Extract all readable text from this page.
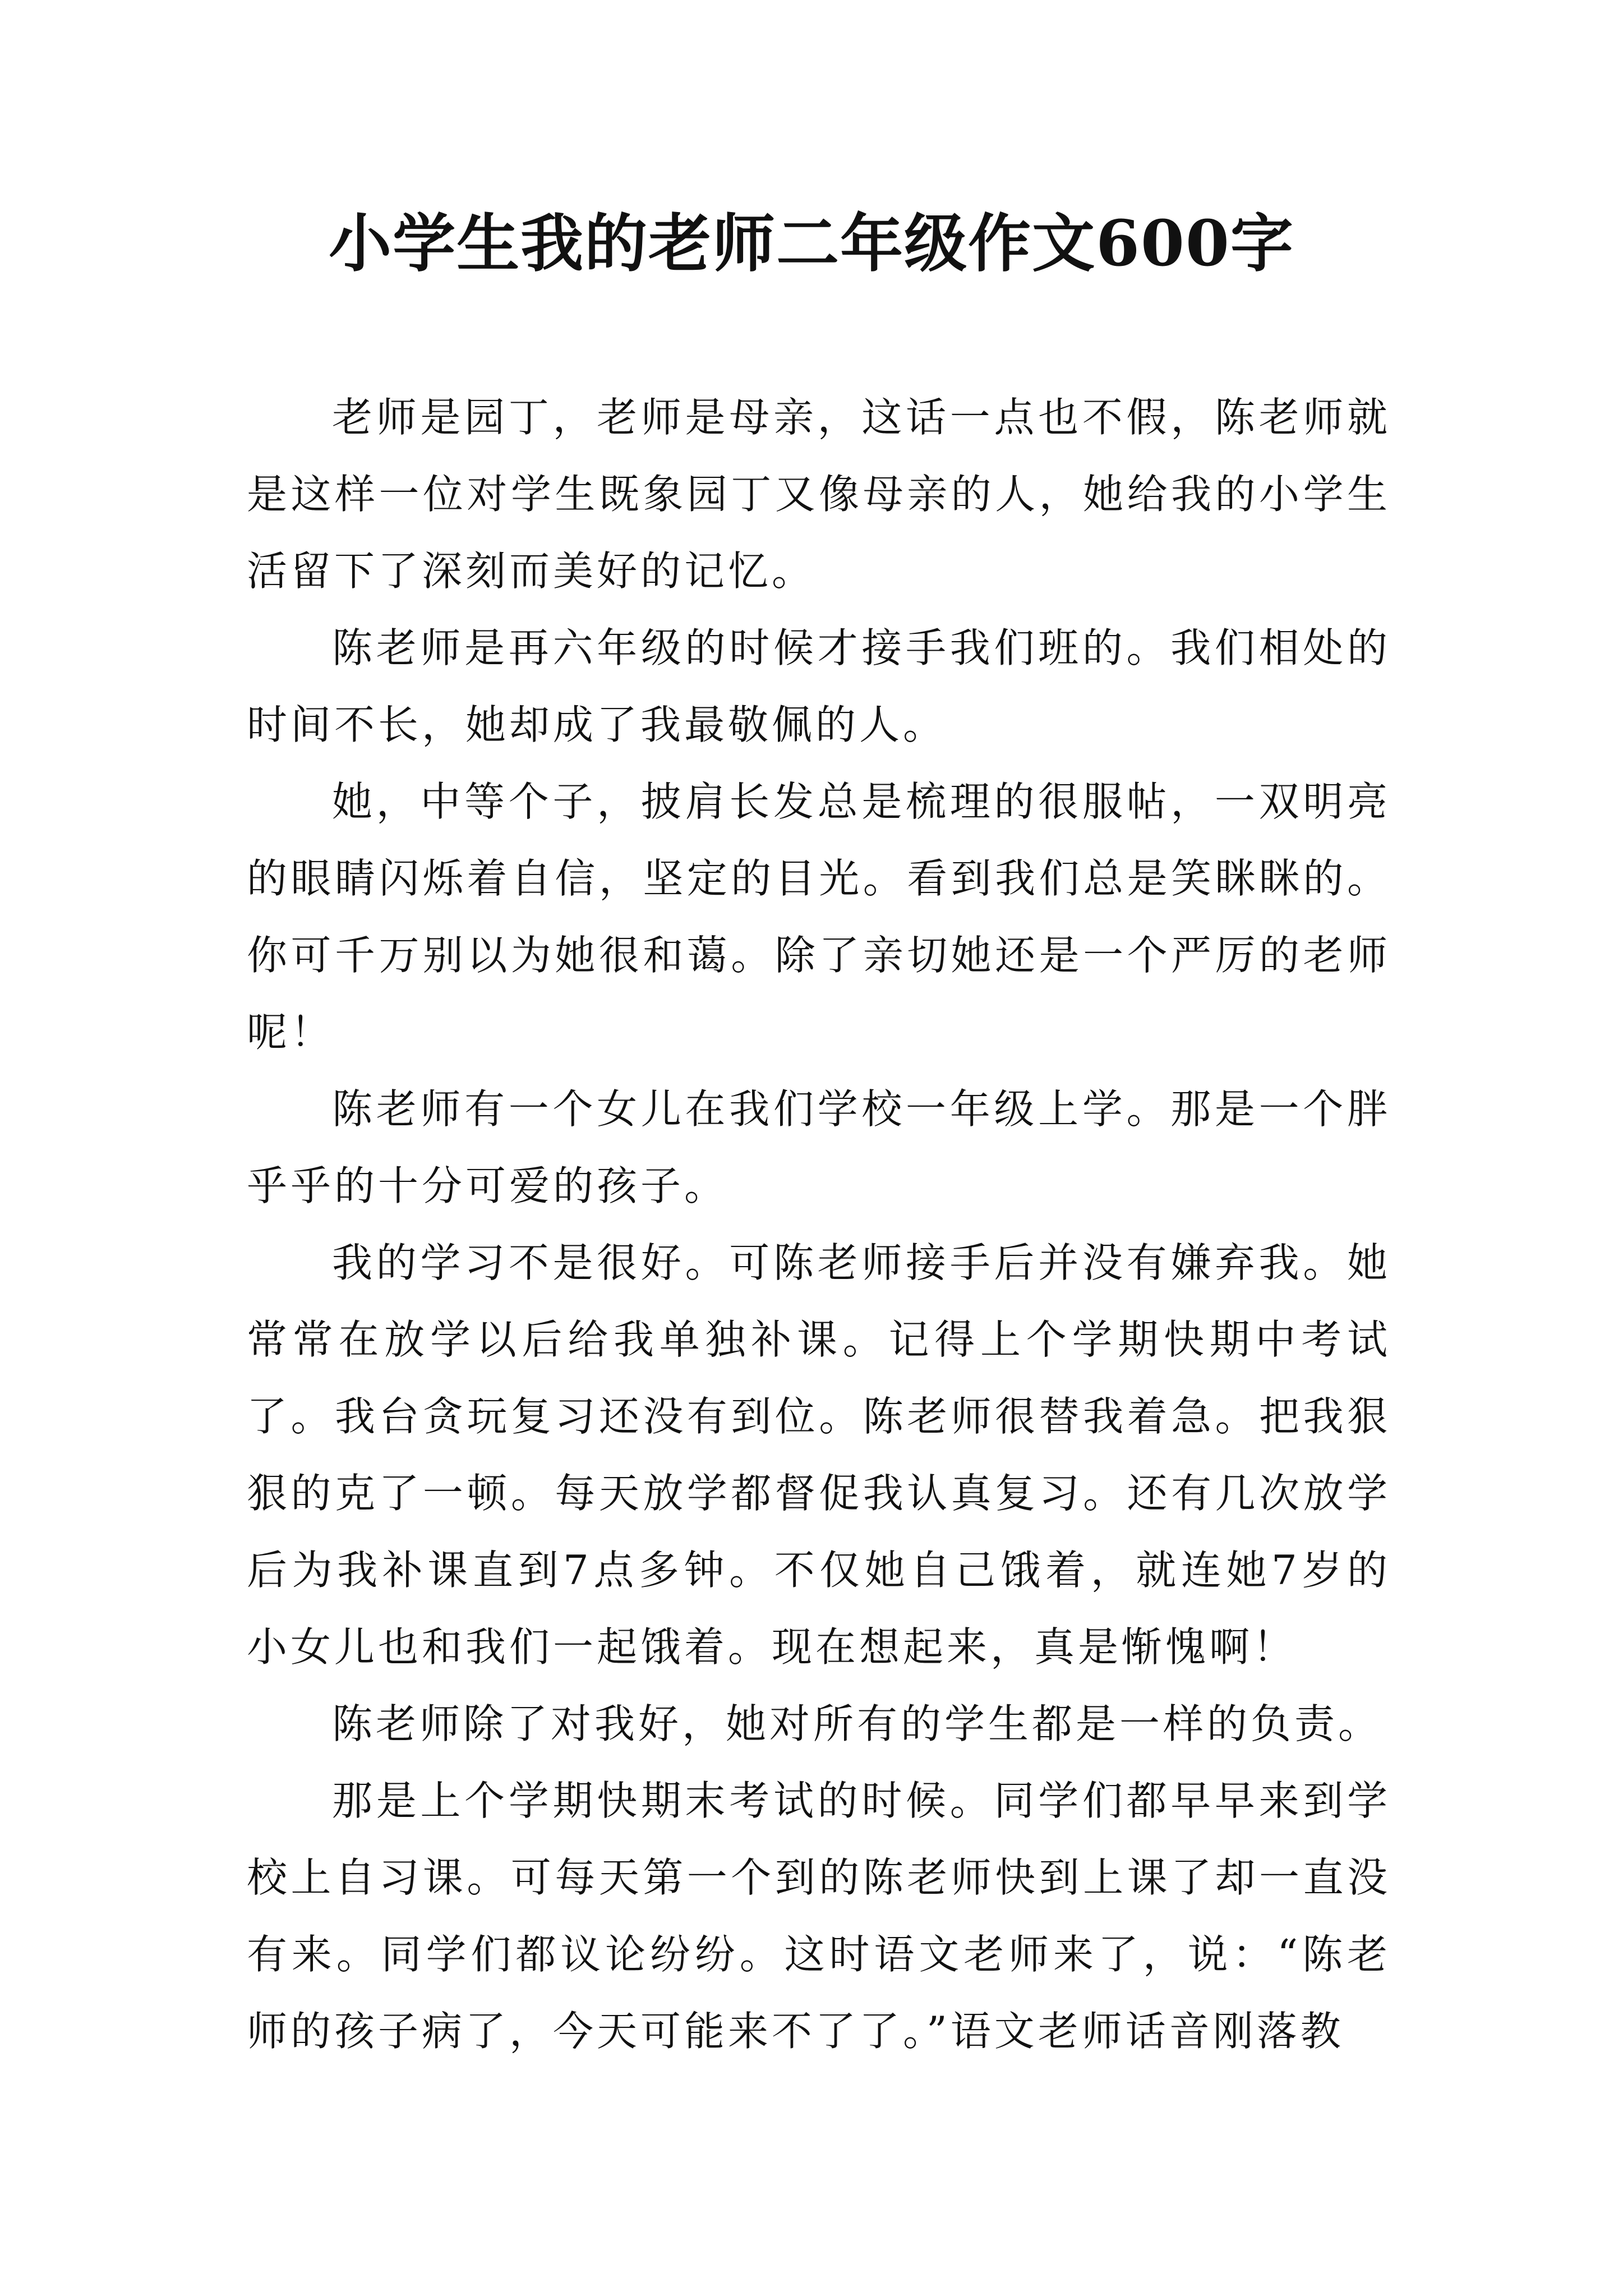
小学生我的老师二年级作文600字

老师是园丁，老师是母亲，这话一点也不假，陈老师就是这样一位对学生既象园丁又像母亲的人，她给我的小学生活留下了深刻而美好的记忆。

陈老师是再六年级的时候才接手我们班的。我们相处的时间不长，她却成了我最敬佩的人。

她，中等个子，披肩长发总是梳理的很服帖，一双明亮的眼睛闪烁着自信，坚定的目光。看到我们总是笑眯眯的。你可千万别以为她很和蔼。除了亲切她还是一个严厉的老师呢！

陈老师有一个女儿在我们学校一年级上学。那是一个胖乎乎的十分可爱的孩子。

我的学习不是很好。可陈老师接手后并没有嫌弃我。她常常在放学以后给我单独补课。记得上个学期快期中考试了。我台贪玩复习还没有到位。陈老师很替我着急。把我狠狠的克了一顿。每天放学都督促我认真复习。还有几次放学后为我补课直到7点多钟。不仅她自己饿着，就连她7岁的小女儿也和我们一起饿着。现在想起来，真是惭愧啊！

陈老师除了对我好，她对所有的学生都是一样的负责。

那是上个学期快期末考试的时候。同学们都早早来到学校上自习课。可每天第一个到的陈老师快到上课了却一直没有来。同学们都议论纷纷。这时语文老师来了，说：“陈老师的孩子病了，今天可能来不了了。”语文老师话音刚落教
